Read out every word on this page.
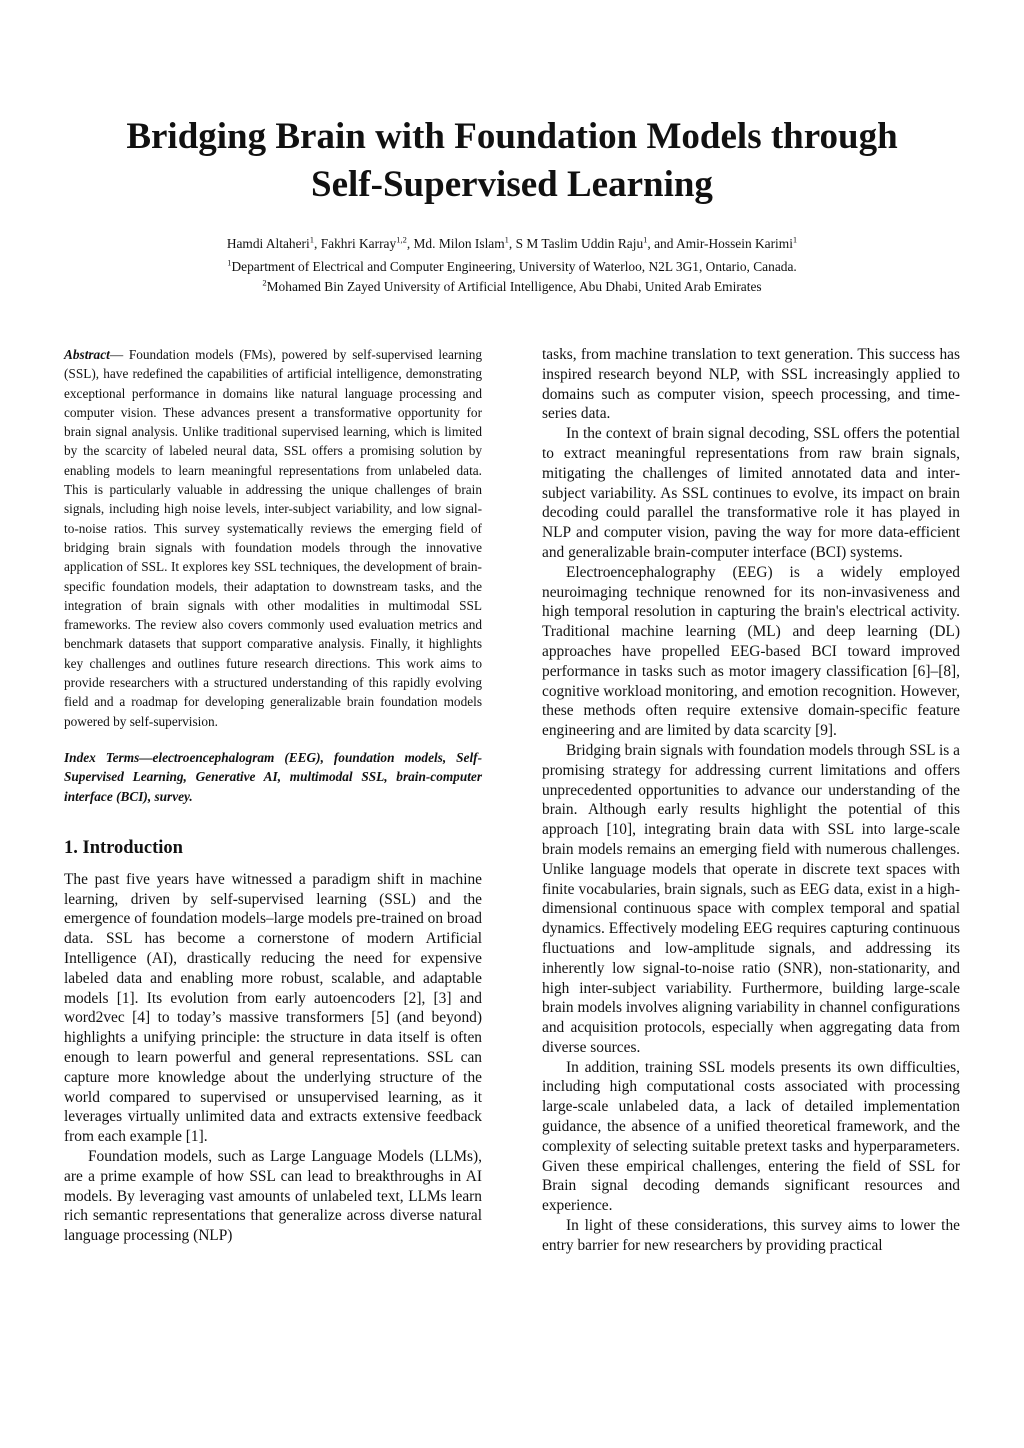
Bridging Brain with Foundation Models through
Self-Supervised Learning

Hamdi Altaheri$^1$, Fakhri Karray$^{1,2}$, Md. Milon Islam$^1$, S M Taslim Uddin Raju$^1$, and Amir-Hossein Karimi$^1$

$^1$Department of Electrical and Computer Engineering, University of Waterloo, N2L 3G1, Ontario, Canada.

$^2$Mohamed Bin Zayed University of Artificial Intelligence, Abu Dhabi, United Arab Emirates

Abstract— Foundation models (FMs), powered by self-supervised learning (SSL), have redefined the capabilities of artificial intelligence, demonstrating exceptional performance in domains like natural language processing and computer vision. These advances present a transformative opportunity for brain signal analysis. Unlike traditional supervised learning, which is limited by the scarcity of labeled neural data, SSL offers a promising solution by enabling models to learn meaningful representations from unlabeled data. This is particularly valuable in addressing the unique challenges of brain signals, including high noise levels, inter-subject variability, and low signal-to-noise ratios. This survey systematically reviews the emerging field of bridging brain signals with foundation models through the innovative application of SSL. It explores key SSL techniques, the development of brain-specific foundation models, their adaptation to downstream tasks, and the integration of brain signals with other modalities in multimodal SSL frameworks. The review also covers commonly used evaluation metrics and benchmark datasets that support comparative analysis. Finally, it highlights key challenges and outlines future research directions. This work aims to provide researchers with a structured understanding of this rapidly evolving field and a roadmap for developing generalizable brain foundation models powered by self-supervision.

Index Terms—electroencephalogram (EEG), foundation models, Self-Supervised Learning, Generative AI, multimodal SSL, brain-computer interface (BCI), survey.

1. Introduction

The past five years have witnessed a paradigm shift in machine learning, driven by self-supervised learning (SSL) and the emergence of foundation models–large models pre-trained on broad data. SSL has become a cornerstone of modern Artificial Intelligence (AI), drastically reducing the need for expensive labeled data and enabling more robust, scalable, and adaptable models [1]. Its evolution from early autoencoders [2], [3] and word2vec [4] to today’s massive transformers [5] (and beyond) highlights a unifying principle: the structure in data itself is often enough to learn powerful and general representations. SSL can capture more knowledge about the underlying structure of the world compared to supervised or unsupervised learning, as it leverages virtually unlimited data and extracts extensive feedback from each example [1].

Foundation models, such as Large Language Models (LLMs), are a prime example of how SSL can lead to breakthroughs in AI models. By leveraging vast amounts of unlabeled text, LLMs learn rich semantic representations that generalize across diverse natural language processing (NLP)

tasks, from machine translation to text generation. This success has inspired research beyond NLP, with SSL increasingly applied to domains such as computer vision, speech processing, and time-series data.

In the context of brain signal decoding, SSL offers the potential to extract meaningful representations from raw brain signals, mitigating the challenges of limited annotated data and inter-subject variability. As SSL continues to evolve, its impact on brain decoding could parallel the transformative role it has played in NLP and computer vision, paving the way for more data-efficient and generalizable brain-computer interface (BCI) systems.

Electroencephalography (EEG) is a widely employed neuroimaging technique renowned for its non-invasiveness and high temporal resolution in capturing the brain's electrical activity. Traditional machine learning (ML) and deep learning (DL) approaches have propelled EEG-based BCI toward improved performance in tasks such as motor imagery classification [6]–[8], cognitive workload monitoring, and emotion recognition. However, these methods often require extensive domain-specific feature engineering and are limited by data scarcity [9].

Bridging brain signals with foundation models through SSL is a promising strategy for addressing current limitations and offers unprecedented opportunities to advance our understanding of the brain. Although early results highlight the potential of this approach [10], integrating brain data with SSL into large-scale brain models remains an emerging field with numerous challenges. Unlike language models that operate in discrete text spaces with finite vocabularies, brain signals, such as EEG data, exist in a high-dimensional continuous space with complex temporal and spatial dynamics. Effectively modeling EEG requires capturing continuous fluctuations and low-amplitude signals, and addressing its inherently low signal-to-noise ratio (SNR), non-stationarity, and high inter-subject variability. Furthermore, building large-scale brain models involves aligning variability in channel configurations and acquisition protocols, especially when aggregating data from diverse sources.

In addition, training SSL models presents its own difficulties, including high computational costs associated with processing large-scale unlabeled data, a lack of detailed implementation guidance, the absence of a unified theoretical framework, and the complexity of selecting suitable pretext tasks and hyperparameters. Given these empirical challenges, entering the field of SSL for Brain signal decoding demands significant resources and experience.

In light of these considerations, this survey aims to lower the entry barrier for new researchers by providing practical
